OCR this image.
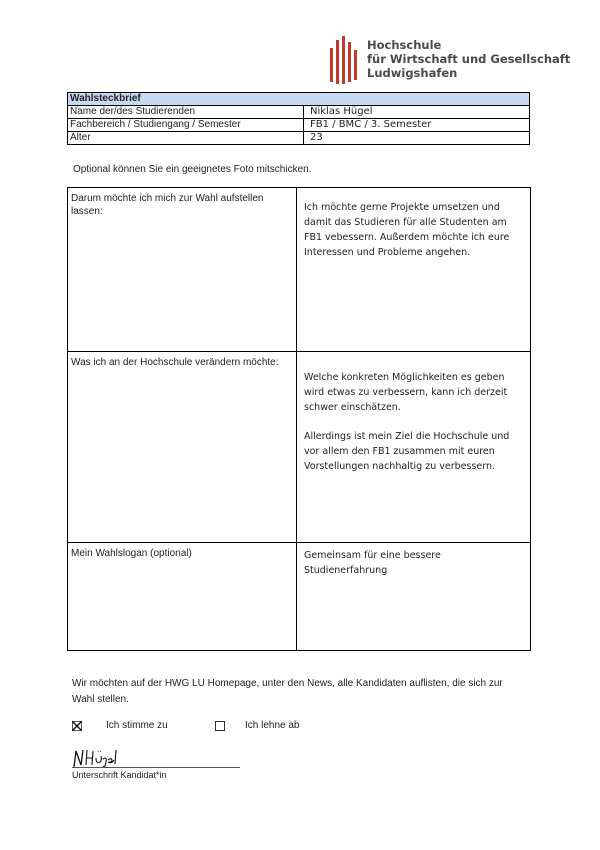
Hochschule
für Wirtschaft und Gesellschaft
Ludwigshafen
Wahlsteckbrief	
Name der/des Studierenden	Niklas Hügel
Fachbereich / Studiengang / Semester	FB1 / BMC / 3. Semester
Alter	23
Optional können Sie ein geeignetes Foto mitschicken.
Darum möchte ich mich zur Wahl aufstellen lassen:	Ich möchte gerne Projekte umsetzen und damit das Studieren für alle Studenten am FB1 vebessern. Außerdem möchte ich eure Interessen und Probleme angehen.

Was ich an der Hochschule verändern möchte:	Welche konkreten Möglichkeiten es geben wird etwas zu verbessern, kann ich derzeit schwer einschätzen.
Allerdings ist mein Ziel die Hochschule und vor allem den FB1 zusammen mit euren Vorstellungen nachhaltig zu verbessern.

Mein Wahlslogan (optional)	Gemeinsam für eine bessere Studienerfahrung
Wir möchten auf der HWG LU Homepage, unter den News, alle Kandidaten auflisten, die sich zur Wahl stellen.
Ich stimme zu	Ich lehne ab
Unterschrift Kandidat*in
